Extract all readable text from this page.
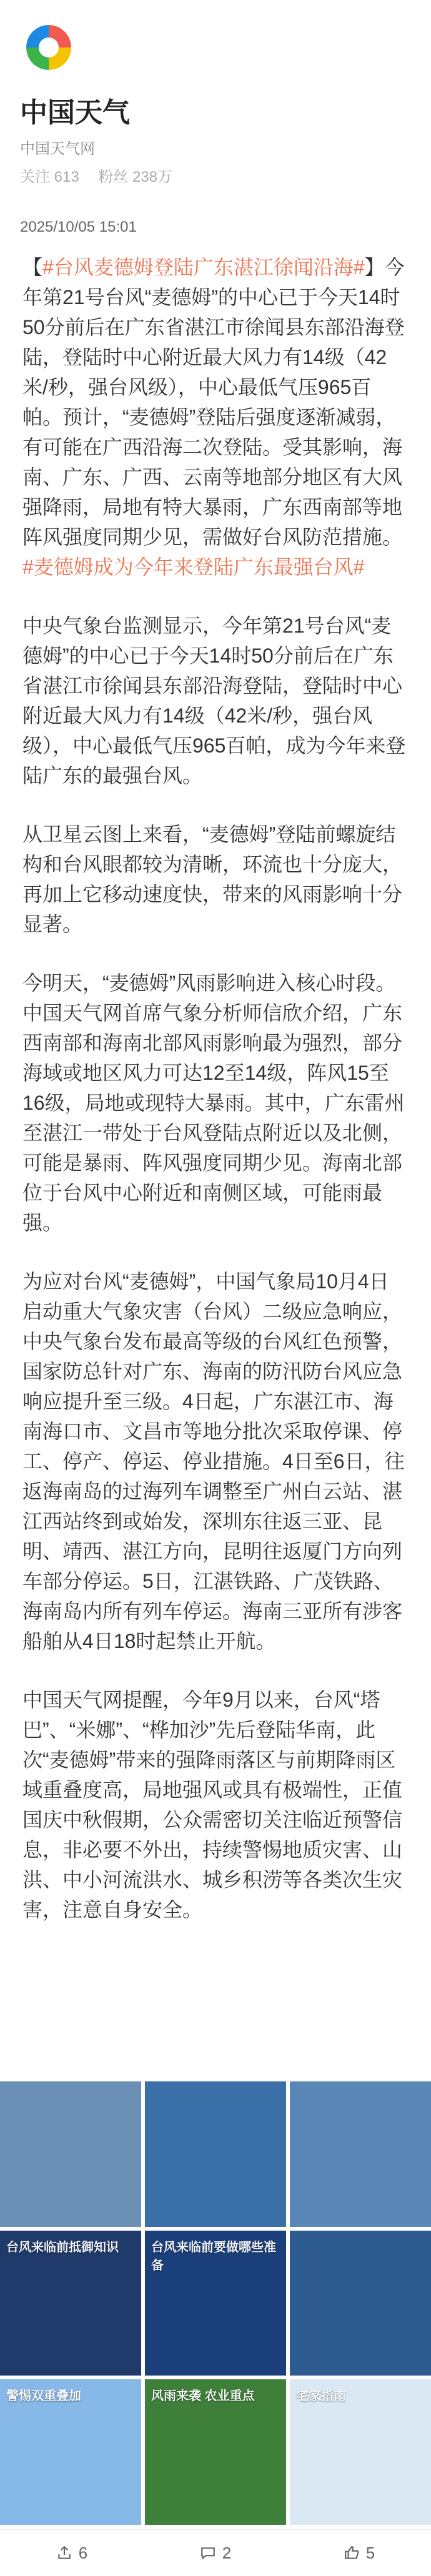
中国天气
中国天气网
关注 613 粉丝 238万
2025/10/05 15:01

【#台风麦德姆登陆广东湛江徐闻沿海#】今年第21号台风“麦德姆”的中心已于今天14时50分前后在广东省湛江市徐闻县东部沿海登陆，登陆时中心附近最大风力有14级（42米/秒，强台风级），中心最低气压965百帕。预计，“麦德姆”登陆后强度逐渐减弱，有可能在广西沿海二次登陆。受其影响，海南、广东、广西、云南等地部分地区有大风强降雨，局地有特大暴雨，广东西南部等地阵风强度同期少见，需做好台风防范措施。#麦德姆成为今年来登陆广东最强台风#

中央气象台监测显示，今年第21号台风“麦德姆”的中心已于今天14时50分前后在广东省湛江市徐闻县东部沿海登陆，登陆时中心附近最大风力有14级（42米/秒，强台风级），中心最低气压965百帕，成为今年来登陆广东的最强台风。

从卫星云图上来看，“麦德姆”登陆前螺旋结构和台风眼都较为清晰，环流也十分庞大，再加上它移动速度快，带来的风雨影响十分显著。

今明天，“麦德姆”风雨影响进入核心时段。中国天气网首席气象分析师信欣介绍，广东西南部和海南北部风雨影响最为强烈，部分海域或地区风力可达12至14级，阵风15至16级，局地或现特大暴雨。其中，广东雷州至湛江一带处于台风登陆点附近以及北侧，可能是暴雨、阵风强度同期少见。海南北部位于台风中心附近和南侧区域，可能雨最强。

为应对台风“麦德姆”，中国气象局10月4日启动重大气象灾害（台风）二级应急响应，中央气象台发布最高等级的台风红色预警，国家防总针对广东、海南的防汛防台风应急响应提升至三级。4日起，广东湛江市、海南海口市、文昌市等地分批次采取停课、停工、停产、停运、停业措施。4日至6日，往返海南岛的过海列车调整至广州白云站、湛江西站终到或始发，深圳东往返三亚、昆明、靖西、湛江方向，昆明往返厦门方向列车部分停运。5日，江湛铁路、广茂铁路、海南岛内所有列车停运。海南三亚所有涉客船舶从4日18时起禁止开航。

中国天气网提醒，今年9月以来，台风“塔巴”、“米娜”、“桦加沙”先后登陆华南，此次“麦德姆”带来的强降雨落区与前期降雨区域重叠度高，局地强风或具有极端性，正值国庆中秋假期，公众需密切关注临近预警信息，非必要不外出，持续警惕地质灾害、山洪、中小河流洪水、城乡积涝等各类次生灾害，注意自身安全。

台风来临前抵御知识	台风来临前要做哪些准备
警惕双重叠加	风雨来袭 农业重点	宅家指南
6	2	5
